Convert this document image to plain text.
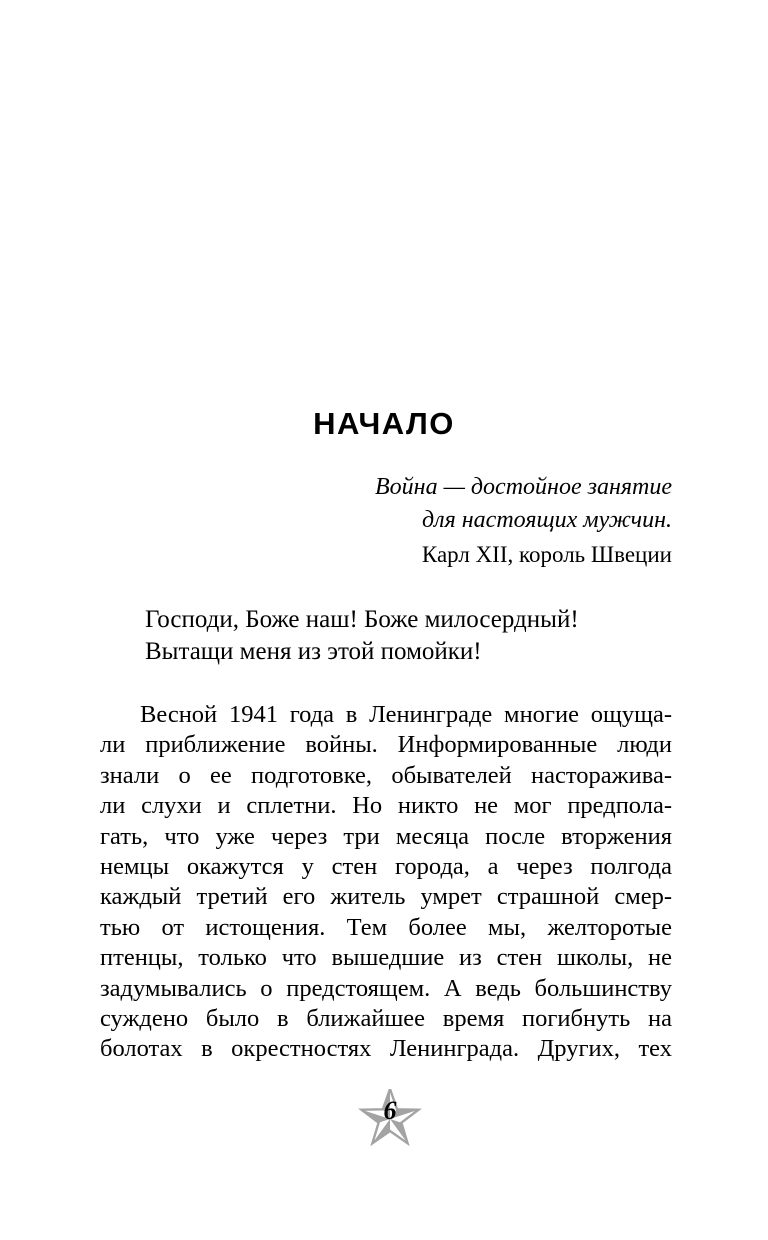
НАЧАЛО
Война — достойное занятие
для настоящих мужчин.
Карл XII, король Швеции
Господи, Боже наш! Боже милосердный!
Вытащи меня из этой помойки!
Весной 1941 года в Ленинграде многие ощуща-
ли приближение войны. Информированные люди
знали о ее подготовке, обывателей насторажива-
ли слухи и сплетни. Но никто не мог предпола-
гать, что уже через три месяца после вторжения
немцы окажутся у стен города, а через полгода
каждый третий его житель умрет страшной смер-
тью от истощения. Тем более мы, желторотые
птенцы, только что вышедшие из стен школы, не
задумывались о предстоящем. А ведь большинству
суждено было в ближайшее время погибнуть на
болотах в окрестностях Ленинграда. Других, тех
6
